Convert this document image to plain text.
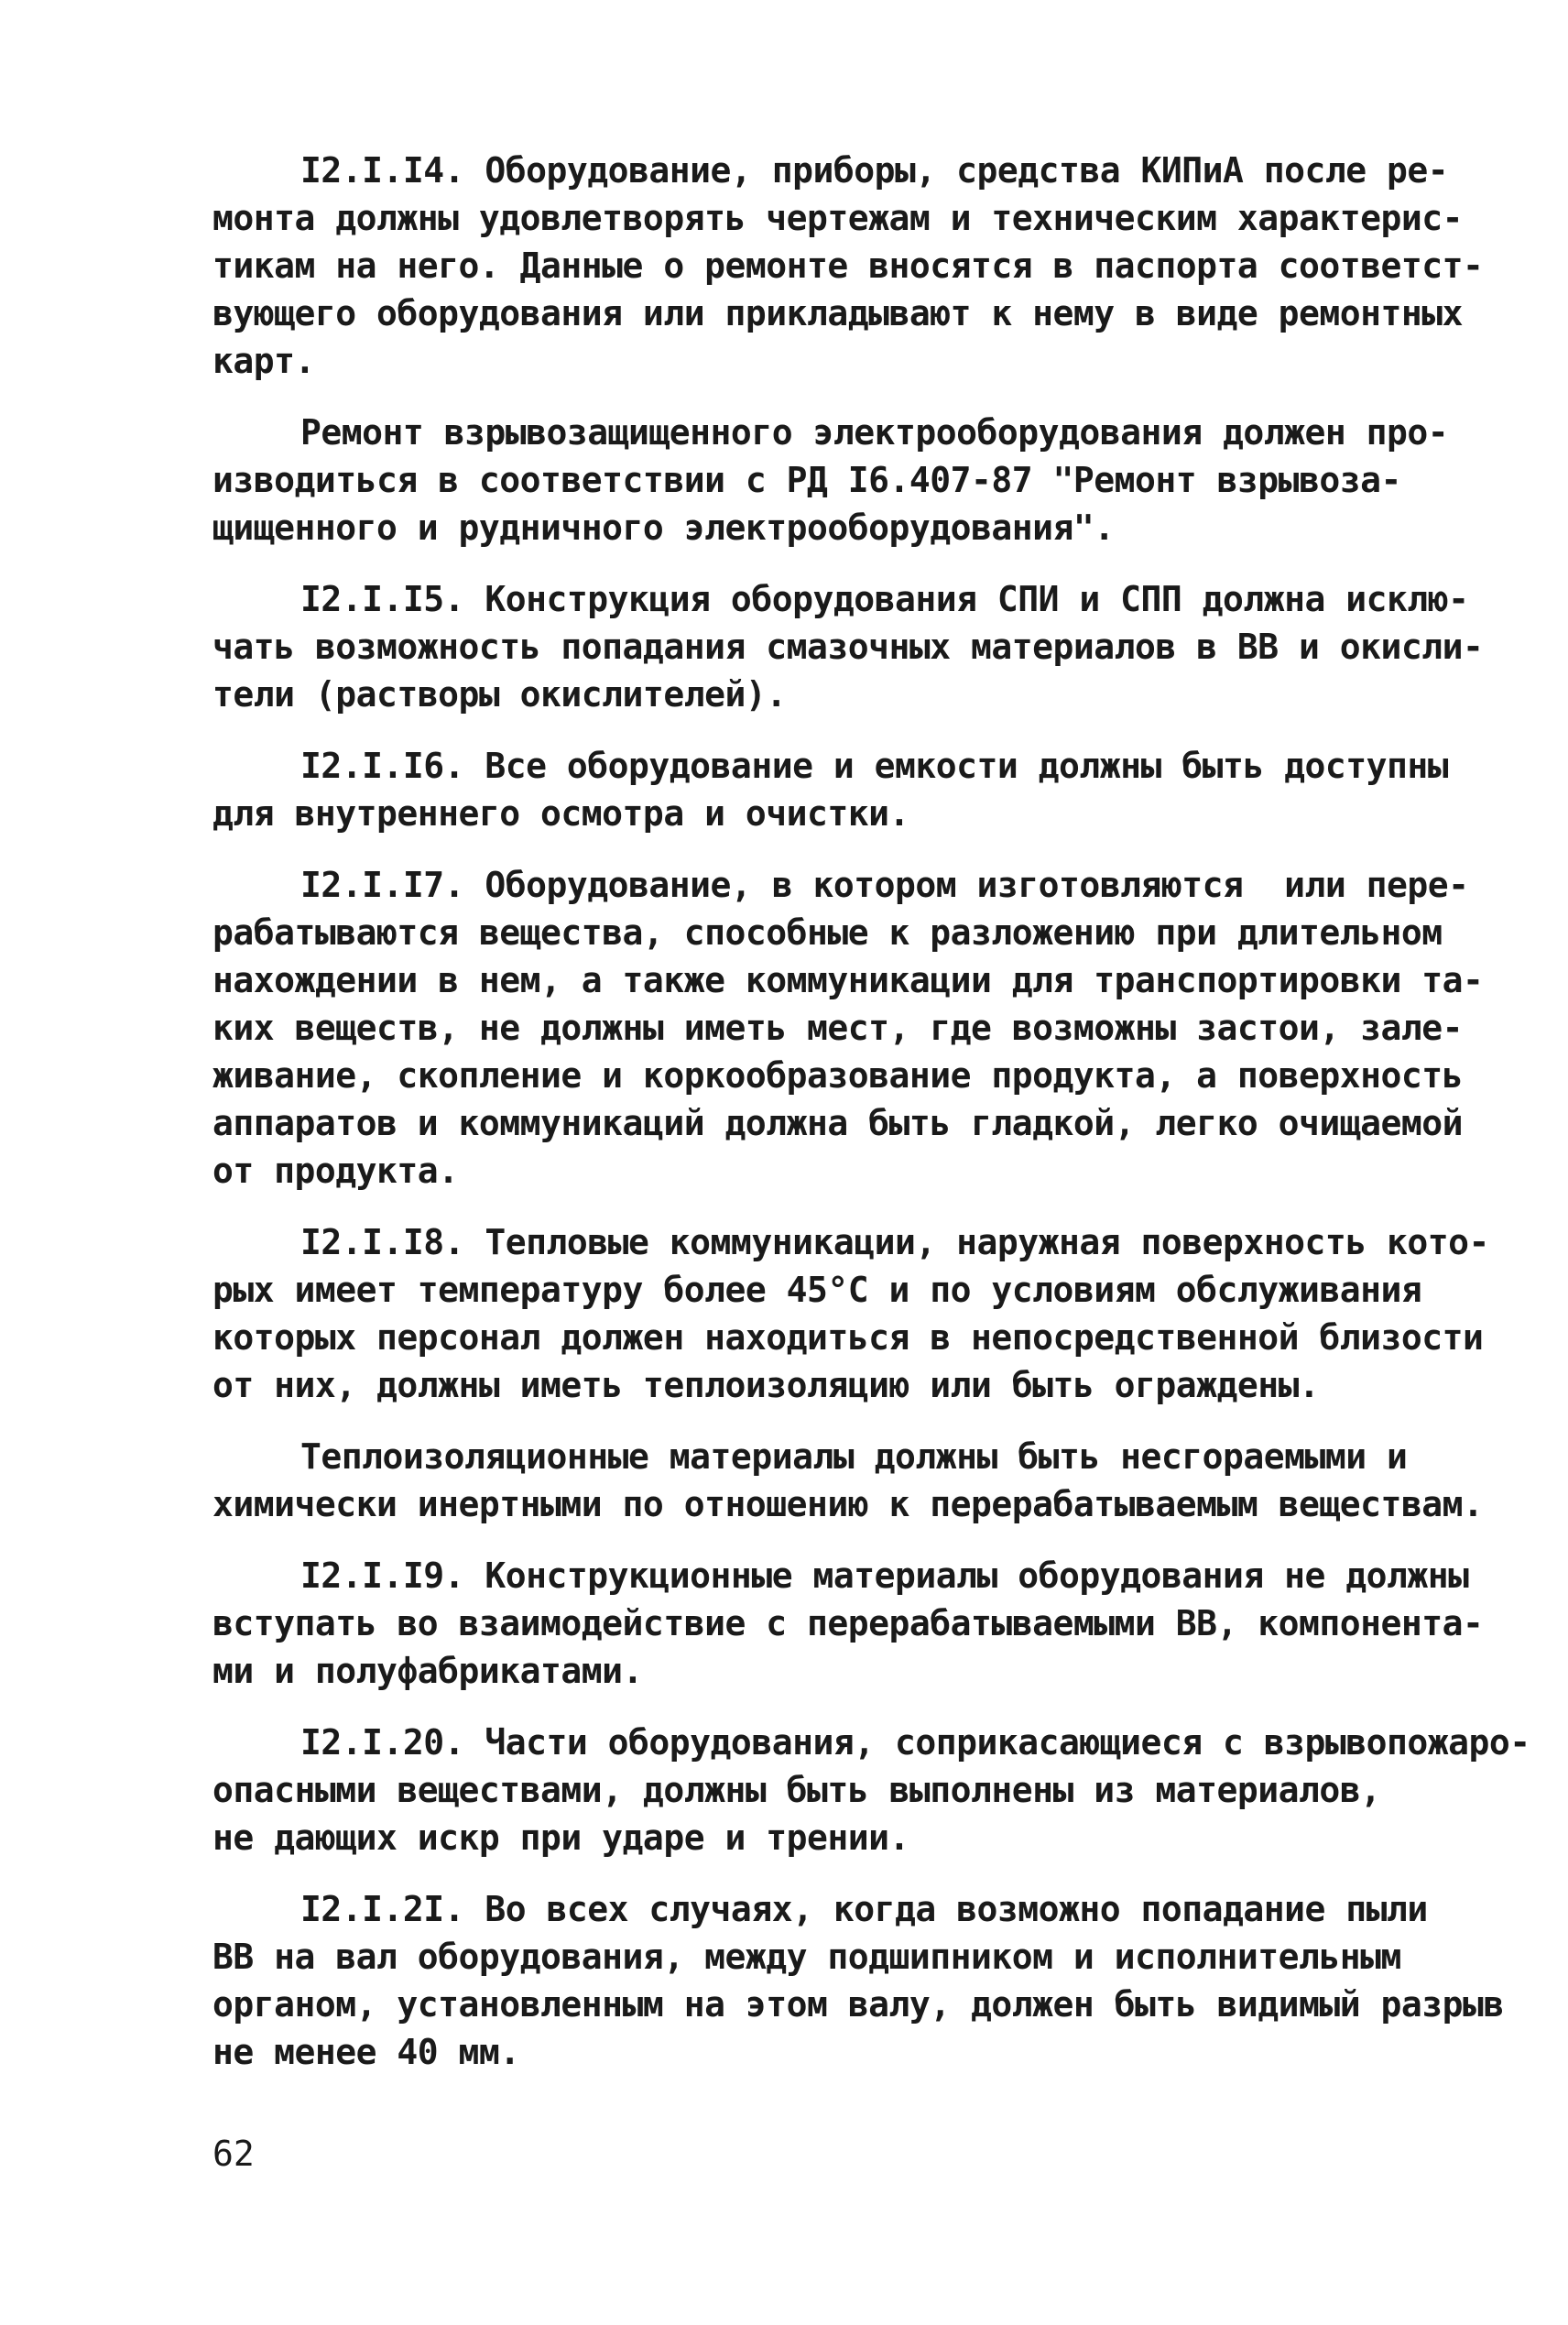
I2.I.I4. Оборудование, приборы, средства КИПиА после ре-
монта должны удовлетворять чертежам и техническим характерис-
тикам на него. Данные о ремонте вносятся в паспорта соответст-
вующего оборудования или прикладывают к нему в виде ремонтных
карт.
Ремонт взрывозащищенного электрооборудования должен про-
изводиться в соответствии с РД I6.407-87 "Ремонт взрывоза-
щищенного и рудничного электрооборудования".
I2.I.I5. Конструкция оборудования СПИ и СПП должна исклю-
чать возможность попадания смазочных материалов в ВВ и окисли-
тели (растворы окислителей).
I2.I.I6. Все оборудование и емкости должны быть доступны
для внутреннего осмотра и очистки.
I2.I.I7. Оборудование, в котором изготовляются  или пере-
рабатываются вещества, способные к разложению при длительном
нахождении в нем, а также коммуникации для транспортировки та-
ких веществ, не должны иметь мест, где возможны застои, зале-
живание, скопление и коркообразование продукта, а поверхность
аппаратов и коммуникаций должна быть гладкой, легко очищаемой
от продукта.
I2.I.I8. Тепловые коммуникации, наружная поверхность кото-
рых имеет температуру более 45°С и по условиям обслуживания
которых персонал должен находиться в непосредственной близости
от них, должны иметь теплоизоляцию или быть ограждены.
Теплоизоляционные материалы должны быть несгораемыми и
химически инертными по отношению к перерабатываемым веществам.
I2.I.I9. Конструкционные материалы оборудования не должны
вступать во взаимодействие с перерабатываемыми ВВ, компонента-
ми и полуфабрикатами.
I2.I.20. Части оборудования, соприкасающиеся с взрывопожаро-
опасными веществами, должны быть выполнены из материалов,
не дающих искр при ударе и трении.
I2.I.2I. Во всех случаях, когда возможно попадание пыли
ВВ на вал оборудования, между подшипником и исполнительным
органом, установленным на этом валу, должен быть видимый разрыв
не менее 40 мм.
62
